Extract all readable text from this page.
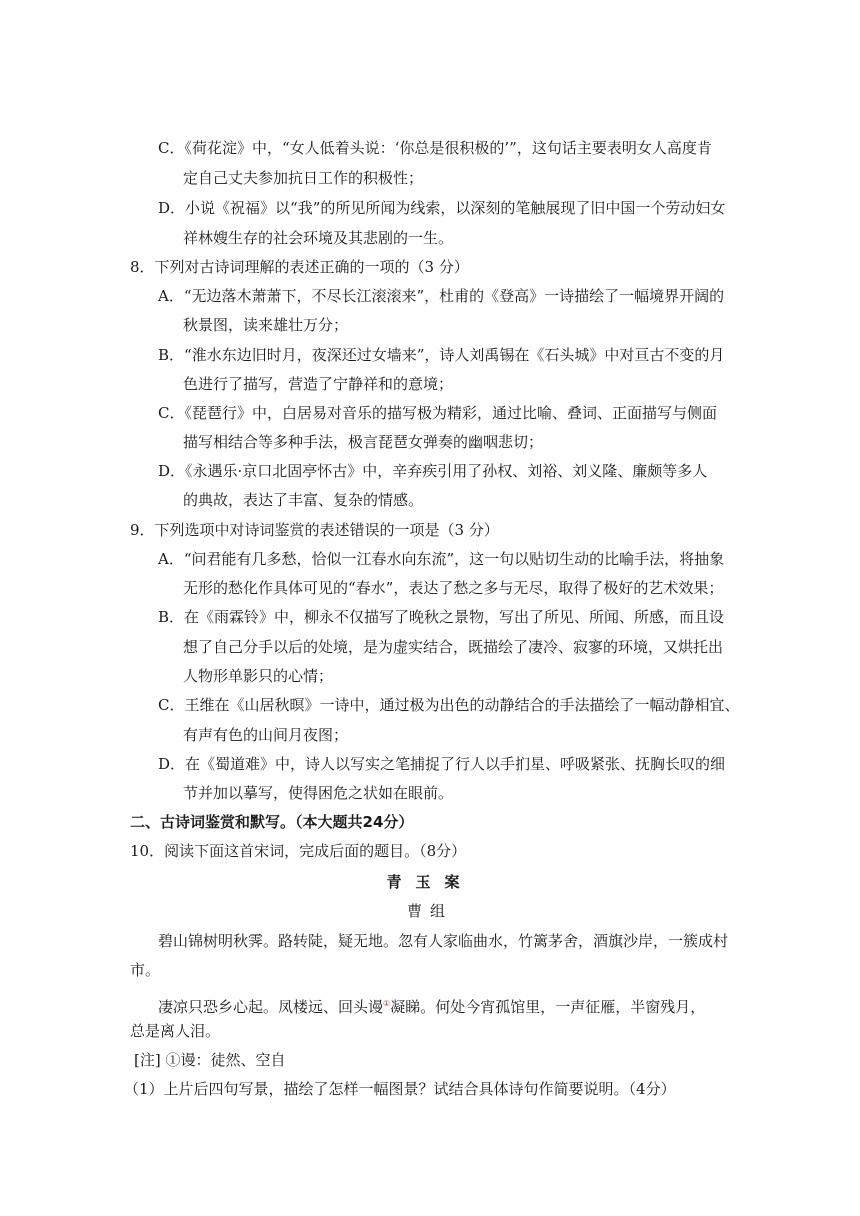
C．《荷花淀》中，“女人低着头说：‘你总是很积极的’”，这句话主要表明女人高度肯
定自己丈夫参加抗日工作的积极性；
D．小说《祝福》以“我”的所见所闻为线索，以深刻的笔触展现了旧中国一个劳动妇女
祥林嫂生存的社会环境及其悲剧的一生。
8．下列对古诗词理解的表述正确的一项的（3 分）
A．“无边落木萧萧下，不尽长江滚滚来”，杜甫的《登高》一诗描绘了一幅境界开阔的
秋景图，读来雄壮万分；
B．“淮水东边旧时月，夜深还过女墙来”，诗人刘禹锡在《石头城》中对亘古不变的月
色进行了描写，营造了宁静祥和的意境；
C．《琵琶行》中，白居易对音乐的描写极为精彩，通过比喻、叠词、正面描写与侧面
描写相结合等多种手法，极言琵琶女弹奏的幽咽悲切；
D．《永遇乐·京口北固亭怀古》中，辛弃疾引用了孙权、刘裕、刘义隆、廉颇等多人
的典故，表达了丰富、复杂的情感。
9．下列选项中对诗词鉴赏的表述错误的一项是（3 分）
A．“问君能有几多愁，恰似一江春水向东流”，这一句以贴切生动的比喻手法，将抽象
无形的愁化作具体可见的“春水”，表达了愁之多与无尽，取得了极好的艺术效果；
B．在《雨霖铃》中，柳永不仅描写了晚秋之景物，写出了所见、所闻、所感，而且设
想了自己分手以后的处境，是为虚实结合，既描绘了凄冷、寂寥的环境，又烘托出
人物形单影只的心情；
C．王维在《山居秋暝》一诗中，通过极为出色的动静结合的手法描绘了一幅动静相宜、
有声有色的山间月夜图；
D．在《蜀道难》中，诗人以写实之笔捕捉了行人以手扪星、呼吸紧张、抚胸长叹的细
节并加以摹写，使得困危之状如在眼前。
二、古诗词鉴赏和默写。（本大题共24分）
10．阅读下面这首宋词，完成后面的题目。（8分）
青玉案
曹组
碧山锦树明秋霁。路转陡，疑无地。忽有人家临曲水，竹篱茅舍，酒旗沙岸，一簇成村
市。
凄凉只恐乡心起。凤楼远、回头谩①凝睇。何处今宵孤馆里，一声征雁，半窗残月，
总是离人泪。
[注] ①谩：徒然、空自
（1）上片后四句写景，描绘了怎样一幅图景？试结合具体诗句作简要说明。（4分）
